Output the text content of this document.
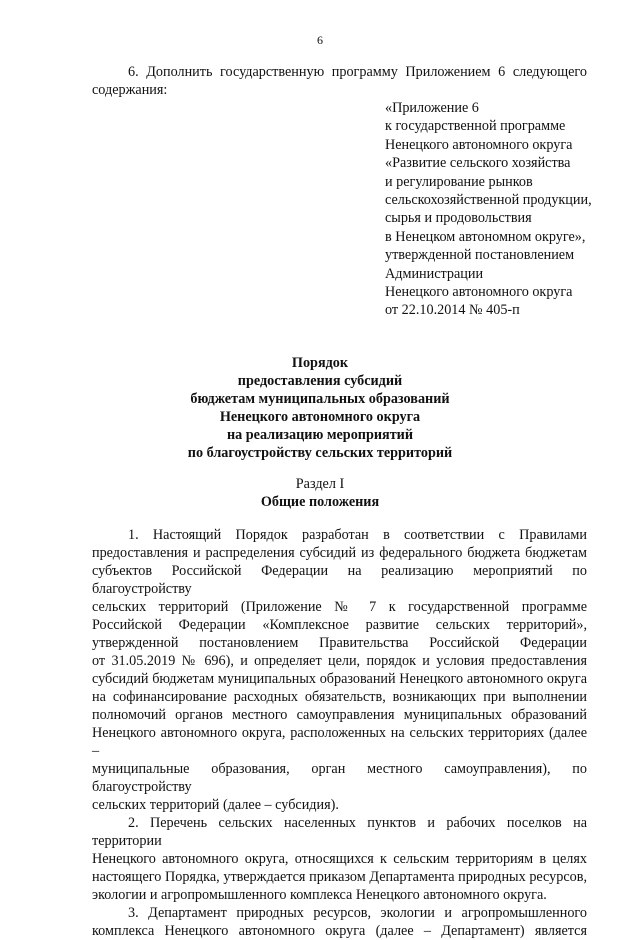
6
6. Дополнить государственную программу Приложением 6 следующего
содержания:
«Приложение 6
к государственной программе
Ненецкого автономного округа
«Развитие сельского хозяйства
и регулирование рынков
сельскохозяйственной продукции,
сырья и продовольствия
в Ненецком автономном округе»,
утвержденной постановлением
Администрации
Ненецкого автономного округа
от 22.10.2014 № 405-п
Порядок
предоставления субсидий
бюджетам муниципальных образований
Ненецкого автономного округа
на реализацию мероприятий
по благоустройству сельских территорий
Раздел I
Общие положения
1. Настоящий Порядок разработан в соответствии с Правилами
предоставления и распределения субсидий из федерального бюджета бюджетам
субъектов Российской Федерации на реализацию мероприятий по благоустройству
сельских территорий (Приложение № 7 к государственной программе
Российской Федерации «Комплексное развитие сельских территорий»,
утвержденной постановлением Правительства Российской Федерации
от 31.05.2019 № 696), и определяет цели, порядок и условия предоставления
субсидий бюджетам муниципальных образований Ненецкого автономного округа
на софинансирование расходных обязательств, возникающих при выполнении
полномочий органов местного самоуправления муниципальных образований
Ненецкого автономного округа, расположенных на сельских территориях (далее –
муниципальные образования, орган местного самоуправления), по благоустройству
сельских территорий (далее – субсидия).
2. Перечень сельских населенных пунктов и рабочих поселков на территории
Ненецкого автономного округа, относящихся к сельским территориям в целях
настоящего Порядка, утверждается приказом Департамента природных ресурсов,
экологии и агропромышленного комплекса Ненецкого автономного округа.
3. Департамент природных ресурсов, экологии и агропромышленного
комплекса Ненецкого автономного округа (далее – Департамент) является
